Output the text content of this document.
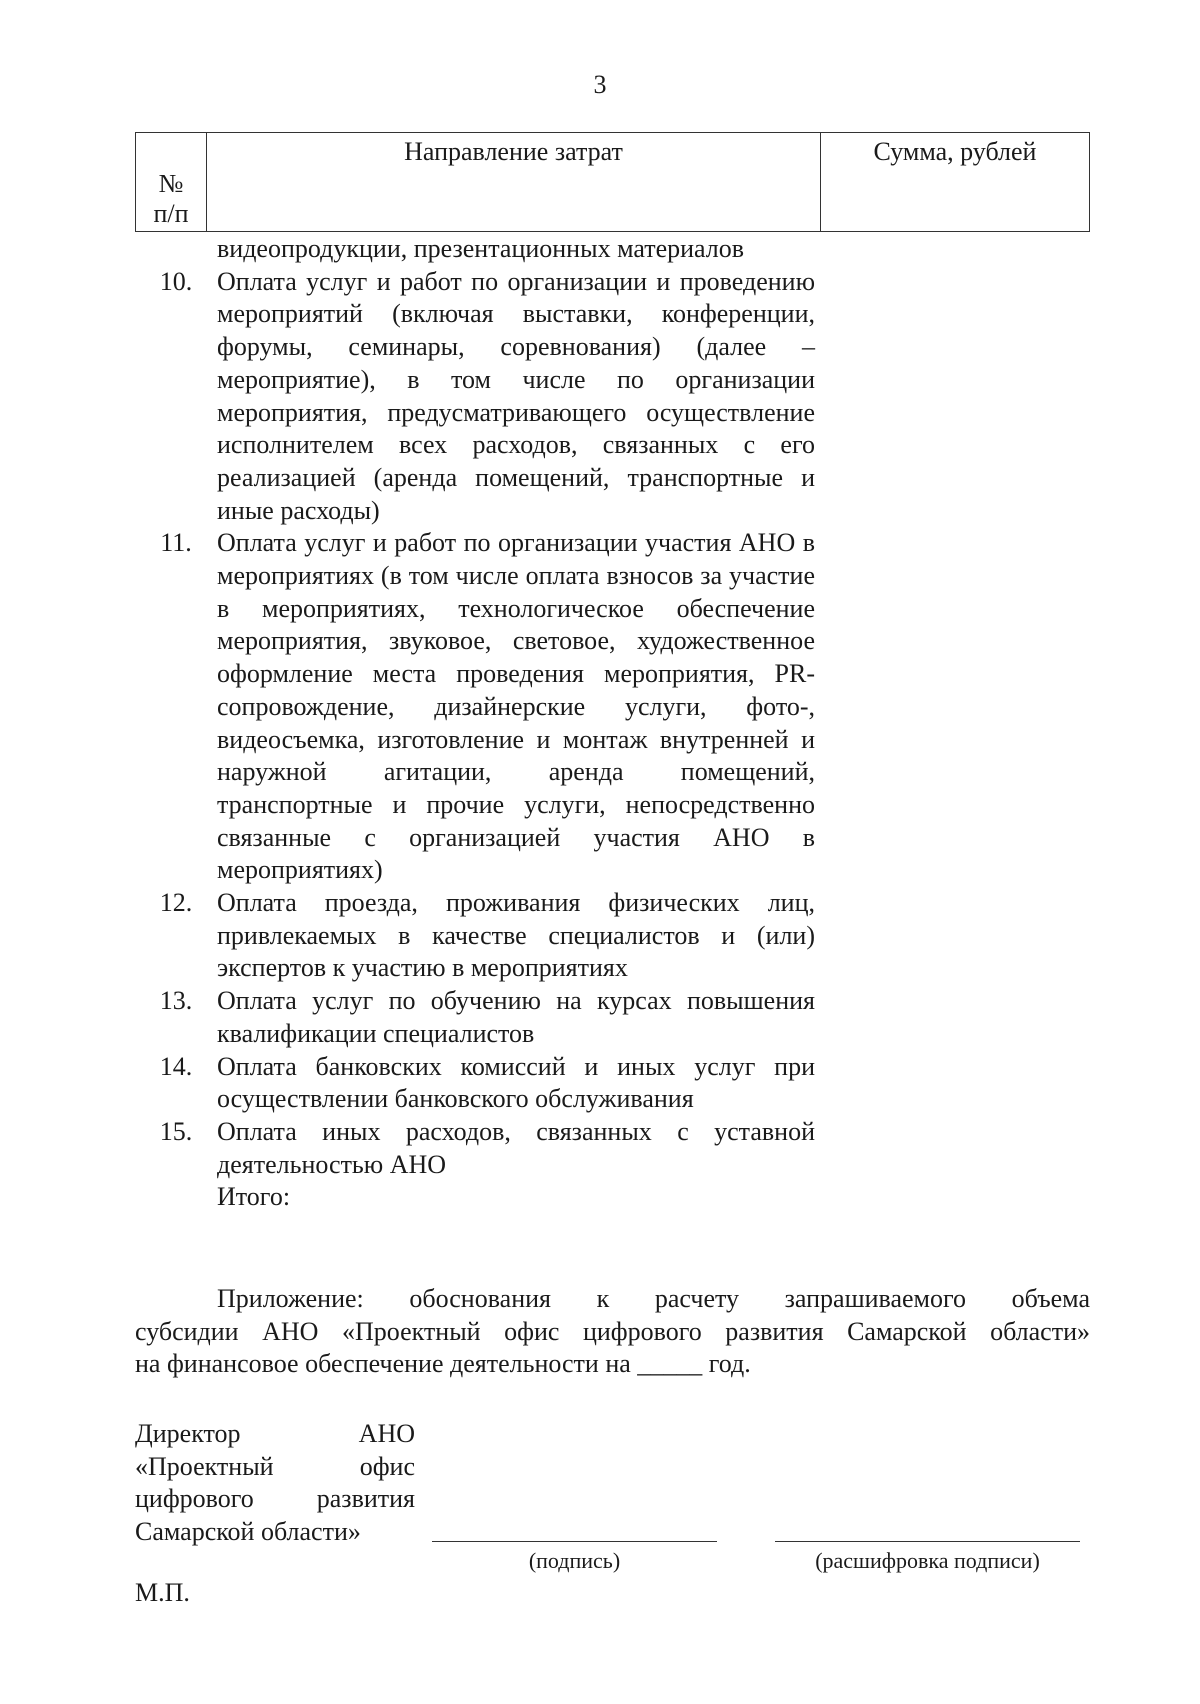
3
№
п/п
	Направление затрат	Сумма, рублей
видеопродукции, презентационных материалов
10. Оплата услуг и работ по организации и проведению мероприятий (включая выставки, конференции, форумы, семинары, соревнования) (далее – мероприятие), в том числе по организации мероприятия, предусматривающего осуществление исполнителем всех расходов, связанных с его реализацией (аренда помещений, транспортные и иные расходы)
11. Оплата услуг и работ по организации участия АНО в мероприятиях (в том числе оплата взносов за участие в мероприятиях, технологическое обеспечение мероприятия, звуковое, световое, художественное оформление места проведения мероприятия, PR-сопровождение, дизайнерские услуги, фото-, видеосъемка, изготовление и монтаж внутренней и наружной агитации, аренда помещений, транспортные и прочие услуги, непосредственно связанные с организацией участия АНО в мероприятиях)
12. Оплата проезда, проживания физических лиц, привлекаемых в качестве специалистов и (или) экспертов к участию в мероприятиях
13. Оплата услуг по обучению на курсах повышения квалификации специалистов
14. Оплата банковских комиссий и иных услуг при осуществлении банковского обслуживания
15. Оплата иных расходов, связанных с уставной деятельностью АНО
Итого:
Приложение: обоснования к расчету запрашиваемого объема
субсидии АНО «Проектный офис цифрового развития Самарской области»
на финансовое обеспечение деятельности на _____ год.
Директор АНО
«Проектный офис
цифрового развития
Самарской области»
(подпись)	(расшифровка подписи)
М.П.
